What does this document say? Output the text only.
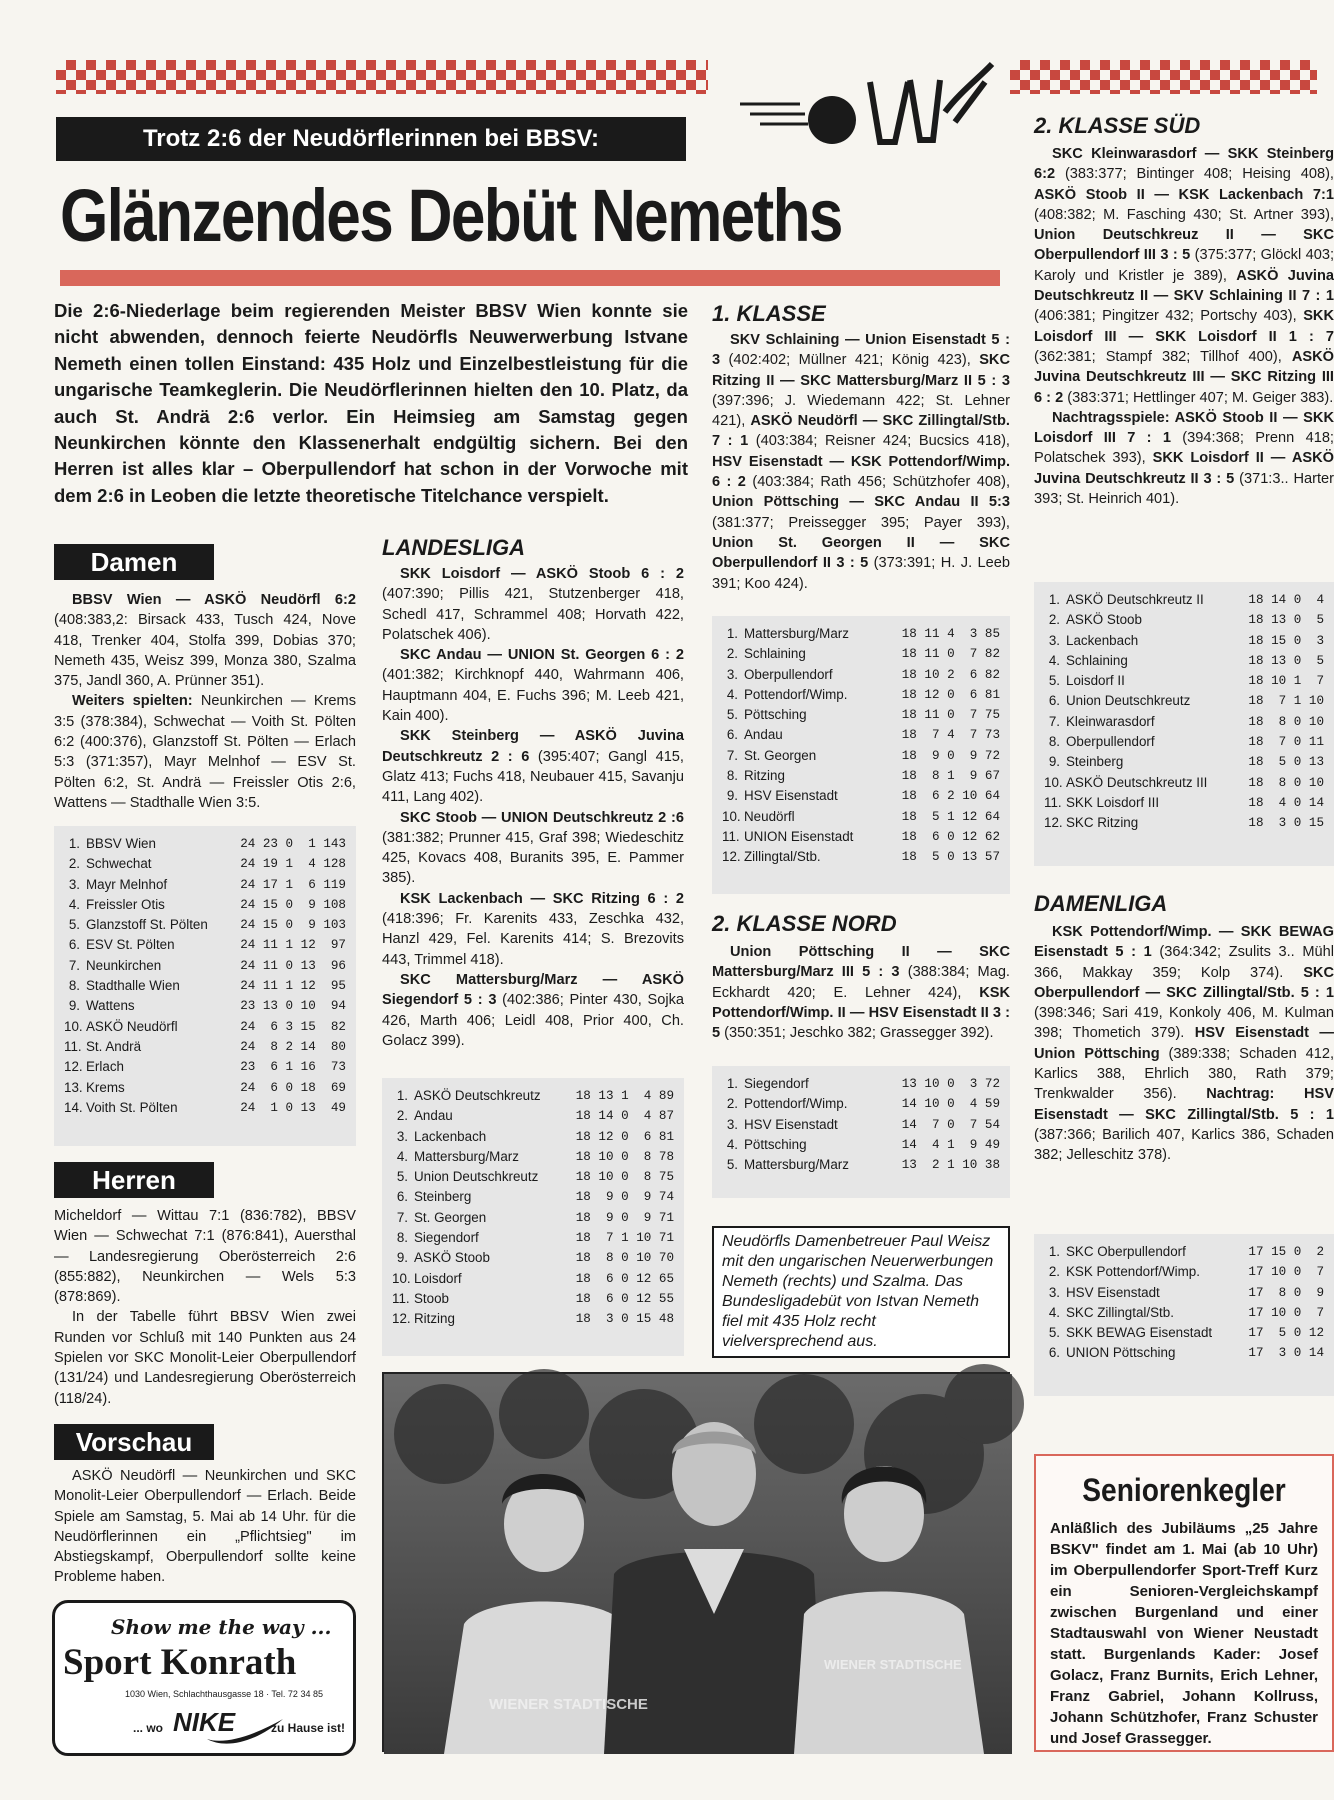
Trotz 2:6 der Neudörflerinnen bei BBSV:
Glänzendes Debüt Nemeths
Die 2:6-Niederlage beim regierenden Meister BBSV Wien konnte sie nicht abwenden, dennoch feierte Neudörfls Neuwerwerbung Istvane Nemeth einen tollen Einstand: 435 Holz und Einzelbestleistung für die ungarische Teamkeglerin. Die Neudörflerinnen hielten den 10. Platz, da auch St. Andrä 2:6 verlor. Ein Heimsieg am Samstag gegen Neunkirchen könnte den Klassenerhalt endgültig sichern. Bei den Herren ist alles klar – Oberpullendorf hat schon in der Vorwoche mit dem 2:6 in Leoben die letzte theoretische Titelchance verspielt.
Damen

BBSV Wien — ASKÖ Neudörfl 6:2 (408:383,2: Birsack 433, Tusch 424, Nove 418, Trenker 404, Stolfa 399, Dobias 370; Nemeth 435, Weisz 399, Monza 380, Szalma 375, Jandl 360, A. Prünner 351).

Weiters spielten: Neunkirchen — Krems 3:5 (378:384), Schwechat — Voith St. Pölten 6:2 (400:376), Glanzstoff St. Pölten — Erlach 5:3 (371:357), Mayr Melnhof — ESV St. Pölten 6:2, St. Andrä — Freissler Otis 2:6, Wattens — Stadthalle Wien 3:5.

1. BBSV Wien	24 23 0  1 143
2. Schwechat	24 19 1  4 128
3. Mayr Melnhof	24 17 1  6 119
4. Freissler Otis	24 15 0  9 108
5. Glanzstoff St. Pölten	24 15 0  9 103
6. ESV St. Pölten	24 11 1 12  97
7. Neunkirchen	24 11 0 13  96
8. Stadthalle Wien	24 11 1 12  95
9. Wattens	23 13 0 10  94
10. ASKÖ Neudörfl	24  6 3 15  82
11. St. Andrä	24  8 2 14  80
12. Erlach	23  6 1 16  73
13. Krems	24  6 0 18  69
14. Voith St. Pölten	24  1 0 13  49
Herren

Micheldorf — Wittau 7:1 (836:782), BBSV Wien — Schwechat 7:1 (876:841), Auersthal — Landesregierung Oberösterreich 2:6 (855:882), Neunkirchen — Wels 5:3 (878:869).

In der Tabelle führt BBSV Wien zwei Runden vor Schluß mit 140 Punkten aus 24 Spielen vor SKC Monolit-Leier Oberpullendorf (131/24) und Landesregierung Oberösterreich (118/24).

Vorschau

ASKÖ Neudörfl — Neunkirchen und SKC Monolit-Leier Oberpullendorf — Erlach. Beide Spiele am Samstag, 5. Mai ab 14 Uhr. für die Neudörflerinnen ein „Pflichtsieg" im Abstiegskampf, Oberpullendorf sollte keine Probleme haben.

Show me the way ...
Sport Konrath
1030 Wien, Schlachthausgasse 18 · Tel. 72 34 85
... wo NIKE	zu Hause ist!
LANDESLIGA

SKK Loisdorf — ASKÖ Stoob 6 : 2 (407:390; Pillis 421, Stutzenberger 418, Schedl 417, Schrammel 408; Horvath 422, Polatschek 406).

SKC Andau — UNION St. Georgen 6 : 2 (401:382; Kirchknopf 440, Wahrmann 406, Hauptmann 404, E. Fuchs 396; M. Leeb 421, Kain 400).

SKK Steinberg — ASKÖ Juvina Deutschkreutz 2 : 6 (395:407; Gangl 415, Glatz 413; Fuchs 418, Neubauer 415, Savanju 411, Lang 402).

SKC Stoob — UNION Deutschkreutz 2 :6 (381:382; Prunner 415, Graf 398; Wiedeschitz 425, Kovacs 408, Buranits 395, E. Pammer 385).

KSK Lackenbach — SKC Ritzing 6 : 2 (418:396; Fr. Karenits 433, Zeschka 432, Hanzl 429, Fel. Karenits 414; S. Brezovits 443, Trimmel 418).

SKC Mattersburg/Marz — ASKÖ Siegendorf 5 : 3 (402:386; Pinter 430, Sojka 426, Marth 406; Leidl 408, Prior 400, Ch. Golacz 399).

1. ASKÖ Deutschkreutz	18 13 1  4 89
2. Andau	18 14 0  4 87
3. Lackenbach	18 12 0  6 81
4. Mattersburg/Marz	18 10 0  8 78
5. Union Deutschkreutz	18 10 0  8 75
6. Steinberg	18  9 0  9 74
7. St. Georgen	18  9 0  9 71
8. Siegendorf	18  7 1 10 71
9. ASKÖ Stoob	18  8 0 10 70
10. Loisdorf	18  6 0 12 65
11. Stoob	18  6 0 12 55
12. Ritzing	18  3 0 15 48
1. KLASSE

SKV Schlaining — Union Eisenstadt 5 : 3 (402:402; Müllner 421; König 423), SKC Ritzing II — SKC Mattersburg/Marz II 5 : 3 (397:396; J. Wiedemann 422; St. Lehner 421), ASKÖ Neudörfl — SKC Zillingtal/Stb. 7 : 1 (403:384; Reisner 424; Bucsics 418), HSV Eisenstadt — KSK Pottendorf/Wimp. 6 : 2 (403:384; Rath 456; Schützhofer 408), Union Pöttsching — SKC Andau II 5:3 (381:377; Preissegger 395; Payer 393), Union St. Georgen II — SKC Oberpullendorf II 3 : 5 (373:391; H. J. Leeb 391; Koo 424).

1. Mattersburg/Marz	18 11 4  3 85
2. Schlaining	18 11 0  7 82
3. Oberpullendorf	18 10 2  6 82
4. Pottendorf/Wimp.	18 12 0  6 81
5. Pöttsching	18 11 0  7 75
6. Andau	18  7 4  7 73
7. St. Georgen	18  9 0  9 72
8. Ritzing	18  8 1  9 67
9. HSV Eisenstadt	18  6 2 10 64
10. Neudörfl	18  5 1 12 64
11. UNION Eisenstadt	18  6 0 12 62
12. Zillingtal/Stb.	18  5 0 13 57
2. KLASSE NORD

Union Pöttsching II — SKC Mattersburg/Marz III 5 : 3 (388:384; Mag. Eckhardt 420; E. Lehner 424), KSK Pottendorf/Wimp. II — HSV Eisenstadt II 3 : 5 (350:351; Jeschko 382; Grassegger 392).

1. Siegendorf	13 10 0  3 72
2. Pottendorf/Wimp.	14 10 0  4 59
3. HSV Eisenstadt	14  7 0  7 54
4. Pöttsching	14  4 1  9 49
5. Mattersburg/Marz	13  2 1 10 38
Neudörfls Damenbetreuer Paul Weisz mit den ungarischen Neuerwerbungen Nemeth (rechts) und Szalma. Das Bundesligadebüt von Istvan Nemeth fiel mit 435 Holz recht vielversprechend aus.
WIENER STADTISCHE
WIENER STADTISCHE
2. KLASSE SÜD

SKC Kleinwarasdorf — SKK Steinberg 6:2 (383:377; Bintinger 408; Heising 408), ASKÖ Stoob II — KSK Lackenbach 7:1 (408:382; M. Fasching 430; St. Artner 393), Union Deutschkreuz II — SKC Oberpullendorf III 3 : 5 (375:377; Glöckl 403; Karoly und Kristler je 389), ASKÖ Juvina Deutschkreutz II — SKV Schlaining II 7 : 1 (406:381; Pingitzer 432; Portschy 403), SKK Loisdorf III — SKK Loisdorf II 1 : 7 (362:381; Stampf 382; Tillhof 400), ASKÖ Juvina Deutschkreutz III — SKC Ritzing III 6 : 2 (383:371; Hettlinger 407; M. Geiger 383).

Nachtragsspiele: ASKÖ Stoob II — SKK Loisdorf III 7 : 1 (394:368; Prenn 418; Polatschek 393), SKK Loisdorf II — ASKÖ Juvina Deutschkreutz II 3 : 5 (371:3.. Harter 393; St. Heinrich 401).

1. ASKÖ Deutschkreutz II	18 14 0  4
2. ASKÖ Stoob	18 13 0  5
3. Lackenbach	18 15 0  3
4. Schlaining	18 13 0  5
5. Loisdorf II	18 10 1  7
6. Union Deutschkreutz	18  7 1 10
7. Kleinwarasdorf	18  8 0 10
8. Oberpullendorf	18  7 0 11
9. Steinberg	18  5 0 13
10. ASKÖ Deutschkreutz III	18  8 0 10
11. SKK Loisdorf III	18  4 0 14
12. SKC Ritzing	18  3 0 15
DAMENLIGA

KSK Pottendorf/Wimp. — SKK BEWAG Eisenstadt 5 : 1 (364:342; Zsulits 3.. Mühl 366, Makkay 359; Kolp 374). SKC Oberpullendorf — SKC Zillingtal/Stb. 5 : 1 (398:346; Sari 419, Konkoly 406, M. Kulman 398; Thometich 379). HSV Eisenstadt — Union Pöttsching (389:338; Schaden 412, Karlics 388, Ehrlich 380, Rath 379; Trenkwalder 356). Nachtrag: HSV Eisenstadt — SKC Zillingtal/Stb. 5 : 1 (387:366; Barilich 407, Karlics 386, Schaden 382; Jelleschitz 378).

1. SKC Oberpullendorf	17 15 0  2
2. KSK Pottendorf/Wimp.	17 10 0  7
3. HSV Eisenstadt	17  8 0  9
4. SKC Zillingtal/Stb.	17 10 0  7
5. SKK BEWAG Eisenstadt	17  5 0 12
6. UNION Pöttsching	17  3 0 14
Seniorenkegler
Anläßlich des Jubiläums „25 Jahre BSKV" findet am 1. Mai (ab 10 Uhr) im Oberpullendorfer Sport-Treff Kurz ein Senioren-Vergleichskampf zwischen Burgenland und einer Stadtauswahl von Wiener Neustadt statt. Burgenlands Kader: Josef Golacz, Franz Burnits, Erich Lehner, Franz Gabriel, Johann Kollruss, Johann Schützhofer, Franz Schuster und Josef Grassegger.
